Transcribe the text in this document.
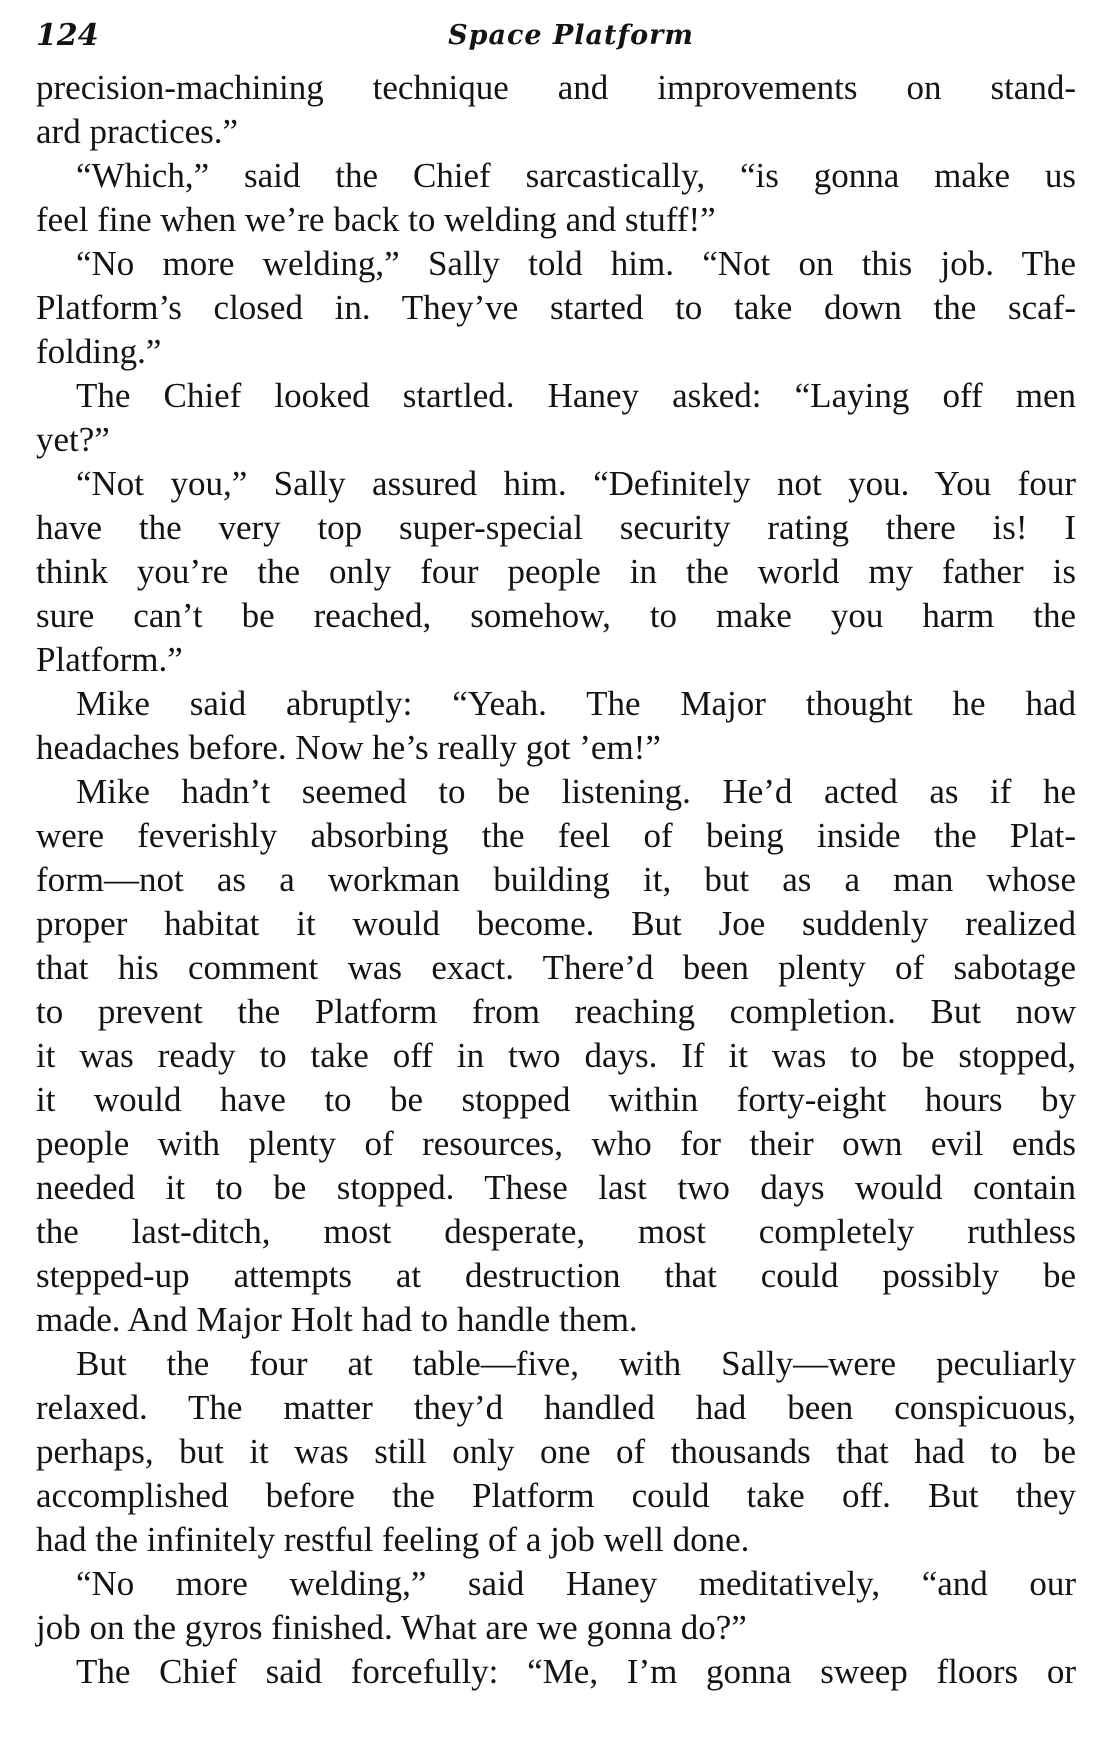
124	Space Platform
precision-machining technique and improvements on stand-
ard practices.”
“Which,” said the Chief sarcastically, “is gonna make us
feel fine when we’re back to welding and stuff!”
“No more welding,” Sally told him. “Not on this job. The
Platform’s closed in. They’ve started to take down the scaf-
folding.”
The Chief looked startled. Haney asked: “Laying off men
yet?”
“Not you,” Sally assured him. “Definitely not you. You four
have the very top super-special security rating there is! I
think you’re the only four people in the world my father is
sure can’t be reached, somehow, to make you harm the
Platform.”
Mike said abruptly: “Yeah. The Major thought he had
headaches before. Now he’s really got ’em!”
Mike hadn’t seemed to be listening. He’d acted as if he
were feverishly absorbing the feel of being inside the Plat-
form—not as a workman building it, but as a man whose
proper habitat it would become. But Joe suddenly realized
that his comment was exact. There’d been plenty of sabotage
to prevent the Platform from reaching completion. But now
it was ready to take off in two days. If it was to be stopped,
it would have to be stopped within forty-eight hours by
people with plenty of resources, who for their own evil ends
needed it to be stopped. These last two days would contain
the last-ditch, most desperate, most completely ruthless
stepped-up attempts at destruction that could possibly be
made. And Major Holt had to handle them.
But the four at table—five, with Sally—were peculiarly
relaxed. The matter they’d handled had been conspicuous,
perhaps, but it was still only one of thousands that had to be
accomplished before the Platform could take off. But they
had the infinitely restful feeling of a job well done.
“No more welding,” said Haney meditatively, “and our
job on the gyros finished. What are we gonna do?”
The Chief said forcefully: “Me, I’m gonna sweep floors or
